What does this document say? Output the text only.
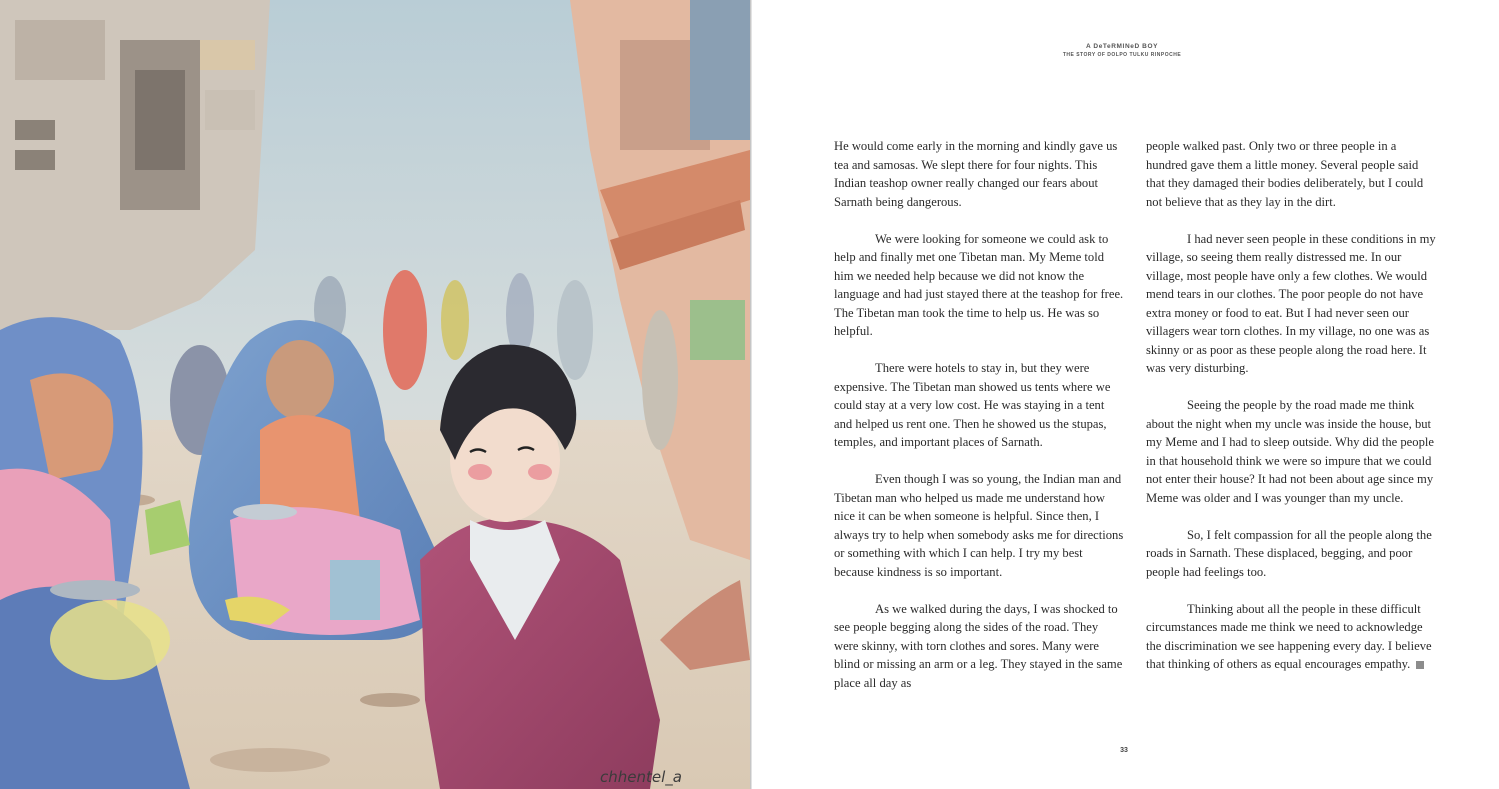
chhentel_a
A DeTeRMINeD BOY
THE STORY OF DOLPO TULKU RINPOCHE

He would come early in the morning and kindly gave us tea and samosas. We slept there for four nights. This Indian teashop owner really changed our fears about Sarnath being dangerous.

We were looking for someone we could ask to help and finally met one Tibetan man. My Meme told him we needed help because we did not know the language and had just stayed there at the teashop for free. The Tibetan man took the time to help us. He was so helpful.

There were hotels to stay in, but they were expensive. The Tibetan man showed us tents where we could stay at a very low cost. He was staying in a tent and helped us rent one. Then he showed us the stupas, temples, and important places of Sarnath.

Even though I was so young, the Indian man and Tibetan man who helped us made me understand how nice it can be when someone is helpful. Since then, I always try to help when somebody asks me for directions or something with which I can help. I try my best because kindness is so important.

As we walked during the days, I was shocked to see people begging along the sides of the road. They were skinny, with torn clothes and sores. Many were blind or missing an arm or a leg. They stayed in the same place all day as

people walked past. Only two or three people in a hundred gave them a little money. Several people said that they damaged their bodies deliberately, but I could not believe that as they lay in the dirt.

I had never seen people in these conditions in my village, so seeing them really distressed me. In our village, most people have only a few clothes. We would mend tears in our clothes. The poor people do not have extra money or food to eat. But I had never seen our villagers wear torn clothes. In my village, no one was as skinny or as poor as these people along the road here. It was very disturbing.

Seeing the people by the road made me think about the night when my uncle was inside the house, but my Meme and I had to sleep outside. Why did the people in that household think we were so impure that we could not enter their house? It had not been about age since my Meme was older and I was younger than my uncle.

So, I felt compassion for all the people along the roads in Sarnath. These displaced, begging, and poor people had feelings too.

Thinking about all the people in these difficult circumstances made me think we need to acknowledge the discrimination we see happening every day. I believe that thinking of others as equal encourages empathy.

33
